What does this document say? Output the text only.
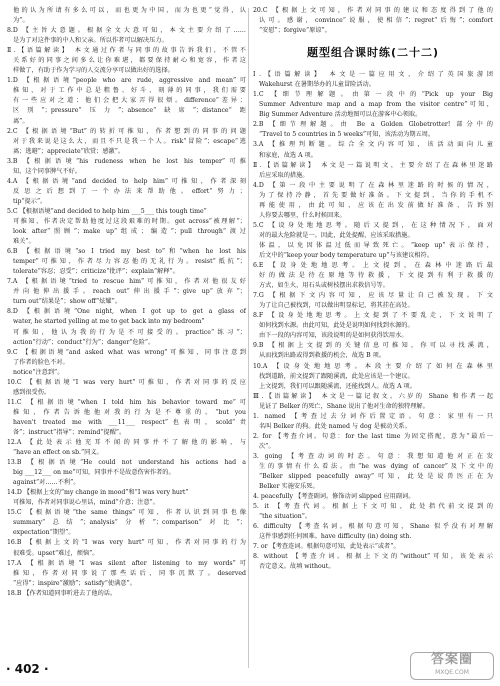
他的认为所请有多么可以，而也更为中国，而为也更“觉得，认
为”。
8.D 【主旨大意题。根据全文大意可知，本文主要介绍了……
是为了对这件事的中人和父亲。所以作者可以解决压力。
Ⅱ.【语篇解读】 本文通过作者与同事的故事告诉我们，不管不
关系好的同事之间多么让你难堪，都要保持耐心和宽容，作者这
样做了，有助于作为学习的人交流分享可以做出好的选择。
1.D 【根据语境“people who are rude, aggressive and mean”可
推知，对于工作中总是粗鲁、好斗、刻薄的同事，我们需要
有一些应对之道；他们会把大家弄得很烦。difference“差异；
区别”；pressure“压力”；absence“缺席”；distance“距
离”。
2.C 【根据语境“But”的转折可推知，作者想到的同事的问题
对于我来说是这么大，而且不只是我一个人。risk“冒险”；escape“逃
离；逃避”；appreciate“欣赏；感激”。
3.B 【根据语境“his rudeness when he lost his temper”可推
知，这个同事脾气不好。
4.A 【根据语境“and decided to help him”可推知，作者深刻
反思之后想到了一个办法来帮助他。effort“努力；
tip“提示”。
5.C 【根据语境“and decided to help him ___5___ this tough time”
可推知，作者决定帮助他度过这段艰难的时期。get across“被理解”；
look after“照顾”；make up“组成；编造”；pull through“渡过
难关”。
6.B 【根据语境“so I tried my best to”和“when he lost his
temper”可推知，作者尽力容忍他的无礼行为。resist“抵抗”；
tolerate“容忍；忍受”；criticize“批评”；explain“解释”。
7.A 【根据语境“tried to rescue him”可推知，作者对他很友好
并向他伸出援手。reach out“伸出援手”；give up“放弃”；
turn out“结果是”；show off“炫耀”。
8.D 【根据语境“One night, when I got up to get a glass of
water, he started yelling at me to get back into my bedroom”
可推知，他认为我的行为是不可接受的。practice“练习”；
action“行动”；conduct“行为”；danger“危险”。
9.C 【根据语境“and asked what was wrong”可推知，同事注意到
了作者的脸色不对。
notice“注意到”。
10.C 【根据语境“I was very hurt”可推知，作者对同事的反应
感到很受伤。
11.C 【根据语境“when I told him his behavior toward me”可
推知，作者告诉他他对我的行为是不尊重的。“but you
haven't treated me with ___11___ respect”也表明，scold“责
备”；instruct“指导”；remind“提醒”。
12.A 【此处表示他充耳不闻的同事并不了解他的影响，与
“have an effect on sb.”同义。
13.B 【根据语境“He could not understand his actions had a
big ___12___ on me”可知，同事并不是故意伤害作者的。
against“对……不利”。
14.D 【根据上文的“my change in mood”和“I was very hurt”
可推知，作者对同事说心里话，mind“介意；注意”。
15.C 【根据语境“the same things”可知，作者认识到同事也像
summary“总结”；analysis“分析”；comparison“对比”；
expectation“期望”。
16.B 【根据上文的“I was very hurt”可知，作者对同事的行为
很难受。upset“难过，烦恼”。
17.A 【根据语境“I was silent after listening to my words”可
推知，作者对同事说了那些话后，同事沉默了。deserved
“应得”；inspire“激励”；satisfy“使满意”。
18.B 【作者知道同事听进去了他的话。
20.C 【根据上文可知，作者对同事的建议和态度得到了他的
认可。感谢，convince“说服，使相信”；regret“后悔”；comfort
“安慰”；forgive“原谅”。
题型组合课时练(二十二)
Ⅰ.【语篇解读】 本文是一篇应用文，介绍了英国旅游团
Wakehurst 在暑期举办的儿童冒险活动。
1.C 【细节理解题。由第一段中的“Pick up your Big
Summer Adventure map and a map from the visitor centre”可知，
Big Summer Adventure 活动地图可以在游客中心领取。
2.B 【细节理解题。由 Be a Golden Globetrotter! 部分中的
“Travel to 5 countries in 5 weeks”可知，该活动为期五周。
3.A 【推理判断题。综合全文内容可知，该活动面向儿童
和家庭，故选 A 项。
Ⅱ.【语篇解读】 本文是一篇说明文，主要介绍了在森林里迷路
后应采取的措施。
4.D 【第一段中主要说明了在森林里迷路的时候的情况，
为了保持冷静，首先要做好准备。下文提到，当你的手机不
再能使用，由此可知，应该在出发前做好准备，告诉别
人你要去哪里，什么时候回来。
5.C 【设身处地地思考。随后又提到，在这种情况下，面对
对的最大危险就是一。因此，此处提醒，应该采取措施。
体温，以免因体温过低而导致死亡。“keep up”表示保持，
后文中的“keep your body temperature up”与该建议相符。
6.E 【设身处地地思考。上文提到，在森林中迷路后最
好的做法是待在原地等待救援，下文提到有利于救援的
方式，如生火，用石头或树枝摆出求救信号等。
7.G 【根据下文内容可知，应该尽量让自己被发现。下文
为了让自己被找到，可以做出明显标记，将其挂在高处。
8.F 【设身处地地思考。上文提到了不要乱走，下文说明了
如何找到水源。由此可知，此处是说明如何找到水源的。
由下一段的内容可知，该段说明的是如何获得饮用水。
9.B 【根据上文提到的关键信息可推知，你可以寻找溪流，
从而找到出路或得到救援的机会，故选 B 项。
10.A 【设身处地地思考。本段主要介绍了如何在森林里
找到道路，前文提到了跟随溪流，此处应该是一个建议。
上文提到，我们可以跟随溪流，还能找到人。故选 A 项。
Ⅲ.【语篇解读】 本文是一篇记叙文。六岁的 Shane 和作者一起
见证了 Belker 的死亡，Shane 说出了他对生命的独特理解。
1. named 【考查过去分词作后置定语。句意：家里有一只
名叫 Belker 的狗。此处 named 与 dog 是被动关系。
2. for 【考查介词。句意：for the last time 为固定搭配，意为“最后一
次”。
3. going 【考查动词的时态。句意：我想知道他对正在发
生的事情有什么看法。由“he was dying of cancer”及下文中的
“Belker slipped peacefully away”可知，此处是说兽医正在为
Belker 实施安乐死。
4. peacefully 【考查副词。修饰动词 slipped 应用副词。
5. it 【考查代词。根据上下文可知，此处指代前文提到的
“the situation”。
6. difficulty 【考查名词。根据句意可知，Shane 似乎没有对理解
这件事感到任何困难。have difficulty (in) doing sth.
7. or 【考查连词。根据句意可知，此处表示“或者”。
8. without 【考查介词。根据上下文的“without”可知，该处表示
否定意义。故填 without。
· 402 ·
答案圈
MXQE.COM
